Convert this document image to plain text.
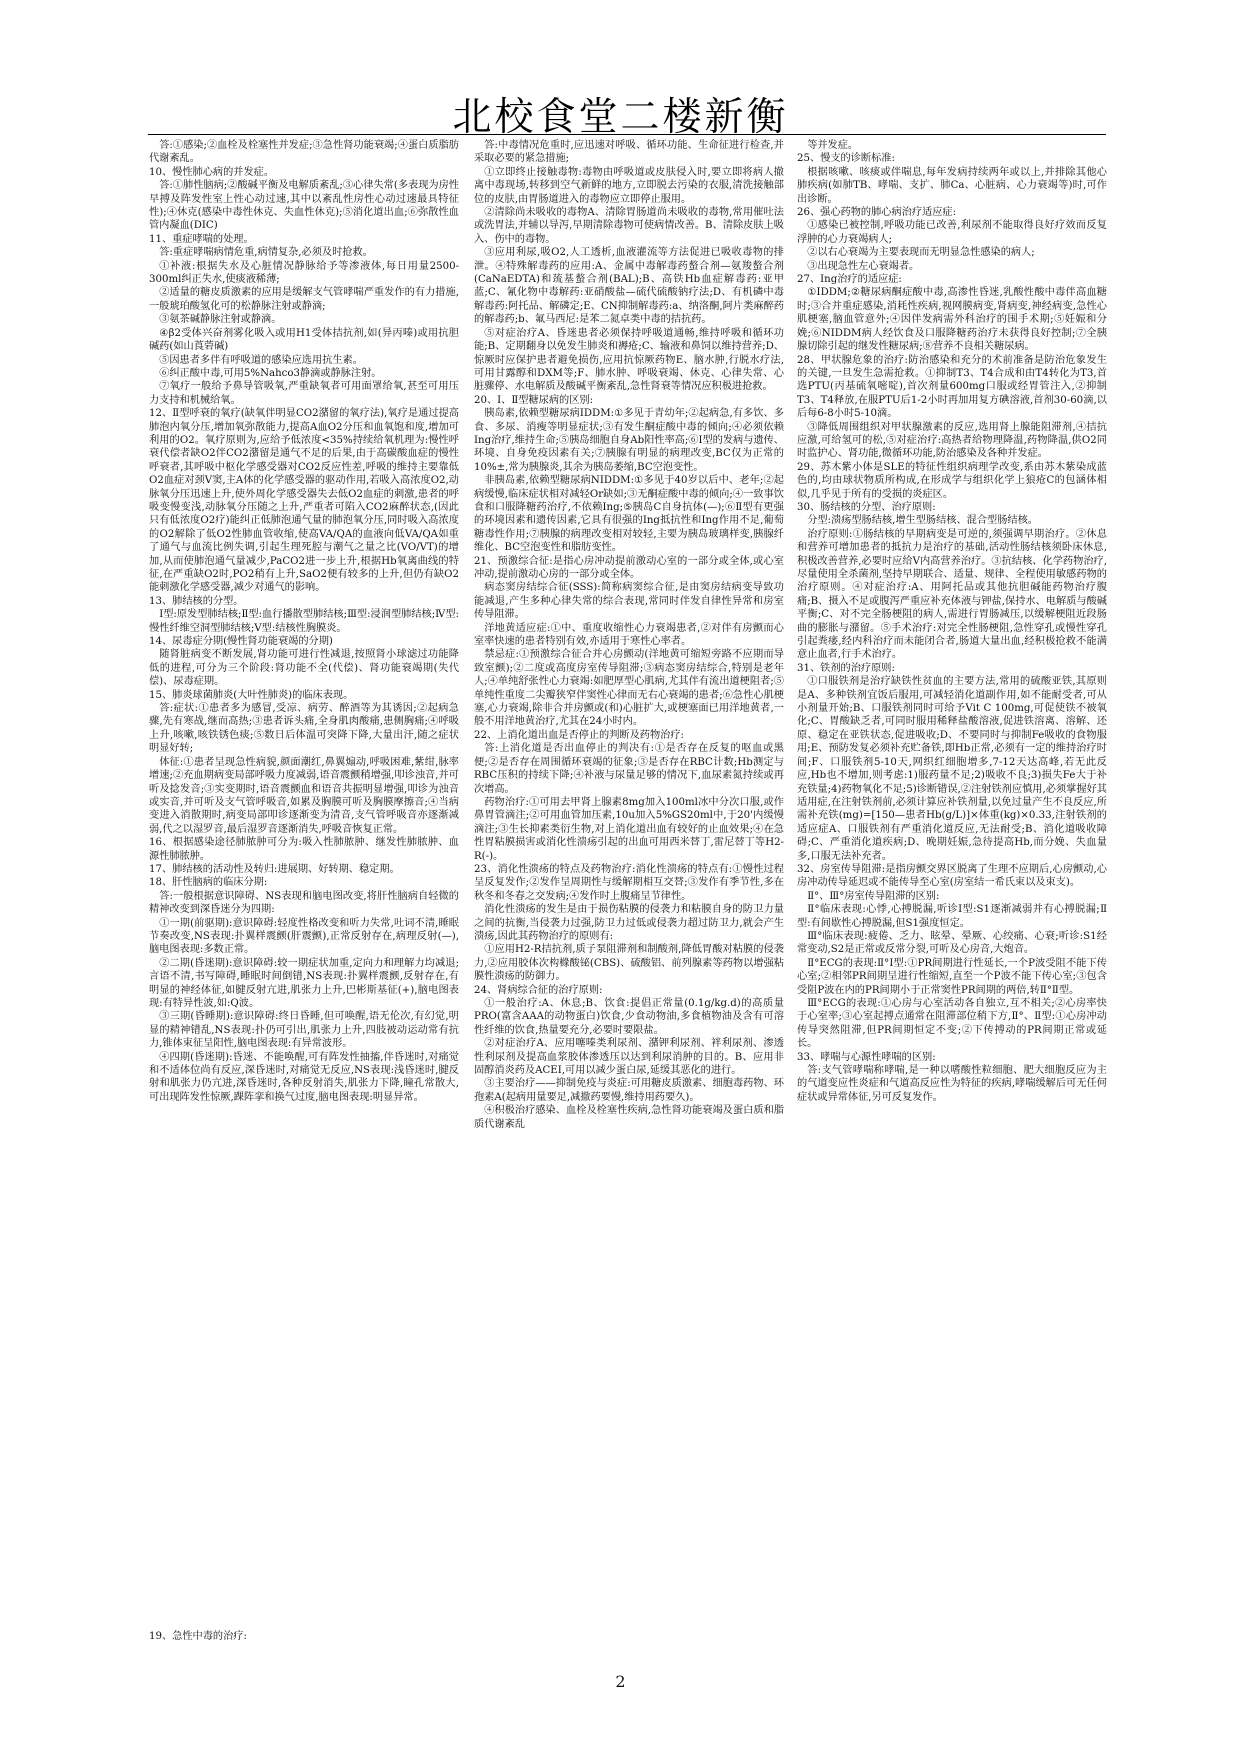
北校食堂二楼新衡

答:①感染;②血栓及栓塞性并发症;③急性肾功能衰竭;④蛋白质脂肪代谢紊乱。

10、慢性肺心病的并发症。

答:①肺性脑病;②酸碱平衡及电解质紊乱;③心律失常(多表现为房性早搏及阵发性室上性心动过速,其中以紊乱性房性心动过速最具特征性);④休克(感染中毒性休克、失血性休克);⑤消化道出血;⑥弥散性血管内凝血(DIC)

11、重症哮喘的处理。

答:重症哮喘病情危重,病情复杂,必须及时抢救。

①补液:根据失水及心脏情况静脉给予等渗液体,每日用量2500-300ml纠正失水,使痰液稀薄;

②适量的糖皮质激素的应用是缓解支气管哮喘严重发作的有力措施,一般琥珀酸氢化可的松静脉注射或静滴;

③氨茶碱静脉注射或静滴。

④β2受体兴奋剂雾化吸入或用H1受体拮抗剂,如(异丙嗪)或用抗胆碱药(如山莨菪碱)

⑤因患者多伴有呼吸道的感染应选用抗生素。

⑥纠正酸中毒,可用5%Nahco3静滴或静脉注射。

⑦氧疗一般给予鼻导管吸氧,严重缺氧者可用面罩给氧,甚至可用压力支持和机械给氧。

12、Ⅱ型呼衰的氧疗(缺氧伴明显CO2潴留的氧疗法),氧疗是通过提高肺泡内氧分压,增加氧弥散能力,提高A血O2分压和血氧饱和度,增加可利用的O2。氧疗原则为,应给予低浓度<35%持续给氧机理为:慢性呼衰代偿者缺O2伴CO2潴留是通气不足的后果,由于高碳酸血症的慢性呼衰者,其呼吸中枢化学感受器对CO2反应性差,呼吸的维持主要靠低O2血症对颈V窦,主A体的化学感受器的驱动作用,若吸入高浓度O2,动脉氧分压迅速上升,使外周化学感受器失去低O2血症的刺激,患者的呼吸变慢变浅,动脉氧分压随之上升,严重者可陷入CO2麻醉状态,(因此只有低浓度O2疗)能纠正低肺泡通气量的肺泡氧分压,同时吸入高浓度的O2解除了低O2性肺血管收缩,使高VA/QA的血液向低VA/QA如重了通气与血流比例失调,引起生理死腔与潮气之量之比(VO/VT)的增加,从而使肺泡通气量减少,PaCO2进一步上升,根据Hb氧离曲线的特征,在严重缺O2时,PO2稍有上升,SaO2便有较多的上升,但仍有缺O2能刺激化学感受器,减少对通气的影响。

13、肺结核的分型。

Ⅰ型:原发型肺结核;Ⅱ型:血行播散型肺结核;Ⅲ型:浸润型肺结核;Ⅳ型:慢性纤维空洞型肺结核;Ⅴ型:结核性胸膜炎。

14、尿毒症分期(慢性肾功能衰竭的分期)

随肾脏病变不断发展,肾功能可进行性减退,按照肾小球滤过功能降低的进程,可分为三个阶段:肾功能不全(代偿)、肾功能衰竭期(失代偿)、尿毒症期。

15、肺炎球菌肺炎(大叶性肺炎)的临床表现。

答:症状:①患者多为感冒,受凉、病劳、醉酒等为其诱因;②起病急骤,先有寒战,继而高热;③患者诉头痛,全身肌肉酸痛,患侧胸痛;④呼吸上升,咳嗽,咳铁锈色痰;⑤数日后体温可突降下降,大量出汗,随之症状明显好转;

体征:①患者呈现急性病貌,颜面潮红,鼻翼煽动,呼吸困难,紫绀,脉率增速;②充血期病变局部呼吸力度减弱,语音震颤稍增强,叩诊浊音,并可听及捻发音;③实变期时,语音震颤血和语音共振明显增强,叩诊为浊音或实音,并可听及支气管呼吸音,如累及胸膜可听及胸膜摩擦音;④当病变进入消散期时,病变局部叩诊逐渐变为清音,支气管呼吸音亦逐渐减弱,代之以湿罗音,最后湿罗音逐渐消失,呼吸音恢复正常。

16、根据感染途径肺脓肿可分为:吸入性肺脓肿、继发性肺脓肿、血源性肺脓肿。

17、肺结核的活动性及转归:进展期、好转期、稳定期。

18、肝性脑病的临床分期:

答:一般根据意识障碍、NS表现和脑电图改变,将肝性脑病自轻微的精神改变到深昏迷分为四期:

①一期(前驱期):意识障碍:轻度性格改变和听力失常,吐词不清,睡眠节奏改变,NS表现:扑翼样震颤(肝震颤),正常反射存在,病理反射(—),脑电图表现:多数正常。

②二期(昏迷期):意识障碍:较一期症状加重,定向力和理解力均减退;言语不清,书写障碍,睡眠时间倒错,NS表现:扑翼样震颤,反射存在,有明显的神经体征,如腱反射亢进,肌张力上升,巴彬斯基征(+),脑电图表现:有特异性波,如:Q波。

③三期(昏睡期):意识障碍:终日昏睡,但可唤醒,语无伦次,有幻觉,明显的精神错乱,NS表现:扑仍可引出,肌张力上升,四肢被动运动常有抗力,锥体束征呈阳性,脑电图表现:有异常波形。

④四期(昏迷期):昏迷、不能唤醒,可有阵发性抽搐,伴昏迷时,对痛觉和不适体位尚有反应,深昏迷时,对痛觉无反应,NS表现:浅昏迷时,腱反射和肌张力仍亢进,深昏迷时,各种反射消失,肌张力下降,瞳孔常散大,可出现阵发性惊厥,踝阵挛和换气过度,脑电图表现:明显异常。

答:中毒情况危重时,应迅速对呼吸、循环功能、生命征进行检查,并采取必要的紧急措施;

①立即终止接触毒物:毒物由呼吸道或皮肤侵入时,要立即将病人撤离中毒现场,转移到空气新鲜的地方,立即脱去污染的衣服,清洗接触部位的皮肤,由胃肠道进入的毒物应立即停止服用。

②清除尚未吸收的毒物A、清除胃肠道尚未吸收的毒物,常用催吐法或洗胃法,并辅以导泻,早期清除毒物可使病情改善。B、清除皮肤上吸入、伤中的毒物。

③应用利尿,吸O2,人工透析,血液灌流等方法促进已吸收毒物的排泄。④特殊解毒药的应用:A、金属中毒解毒药螯合剂—氨羧螯合剂(CaNaEDTA)和巯基螯合剂(BAL);B、高铁Hb血症解毒药:亚甲蓝;C、氰化物中毒解药:亚硝酸盐—硫代硫酸钠疗法;D、有机磷中毒解毒药:阿托品、解磷定;E、CN抑制解毒药:a、纳洛酮,阿片类麻醉药的解毒药;b、氟马西尼:是苯二氮卓类中毒的拮抗药。

⑤对症治疗A、昏迷患者必须保持呼吸道通畅,维持呼吸和循环功能;B、定期翻身以免发生肺炎和褥疮;C、输液和鼻饲以维持营养;D、惊厥时应保护患者避免损伤,应用抗惊厥药物E、脑水肿,行脱水疗法,可用甘露醇和DXM等;F、肺水肿、呼吸衰竭、休克、心律失常、心脏骤停、水电解质及酸碱平衡紊乱,急性肾衰等情况应积极进抢救。

20、Ⅰ、Ⅱ型糖尿病的区别:

胰岛素,依赖型糖尿病IDDM:①多见于青幼年;②起病急,有多饮、多食、多尿、消瘦等明显症状;③有发生酮症酸中毒的倾向;④必须依赖Ing治疗,维持生命;⑤胰岛细胞自身Ab阳性率高;⑥Ⅰ型的发病与遗传、环境、自身免疫因素有关;⑦胰腺有明显的病理改变,BC仅为正常的10%±,常为胰腺炎,其余为胰岛萎缩,BC空泡变性。

非胰岛素,依赖型糖尿病NIDDM:①多见于40岁以后中、老年;②起病缓慢,临床症状相对减轻Or缺如;③无酮症酸中毒的倾向;④一致事饮食和口服降糖药治疗,不依赖Ing;⑤胰岛C自身抗体(—);⑥Ⅱ型有更强的环境因素和遗传因素,它具有很强的Ing抵抗性和Ing作用不足,葡萄糖毒性作用;⑦胰腺的病理改变相对较轻,主要为胰岛玻璃样变,胰腺纤维化、BC空泡变性和脂肪变性。

21、预激综合征:是指心房冲动提前激动心室的一部分或全体,或心室冲动,提前激动心房的一部分或全体。

病态窦房结综合征(SSS):简称病窦综合征,是由窦房结病变导致功能减退,产生多种心律失常的综合表现,常同时伴发自律性异常和房室传导阻滞。

洋地黄适应症:①中、重度收缩性心力衰竭患者,②对伴有房颤而心室率快速的患者特别有效,亦适用于寒性心率者。

禁忌症:①预激综合征合并心房颤动(洋地黄可缩短旁路不应期而导致室颤);②二度或高度房室传导阻滞;③病态窦房结综合,特别是老年人;④单纯舒张性心力衰竭:如肥厚型心肌病,尤其伴有流出道梗阻者;⑤单纯性重度二尖瓣狭窄伴窦性心律而无右心衰竭的患者;⑥急性心肌梗塞,心力衰竭,除非合并房颤或(和)心脏扩大,或梗塞面已用洋地黄者,一般不用洋地黄治疗,尤其在24小时内。

22、上消化道出血是否停止的判断及药物治疗:

答:上消化道是否出血停止的判决有:①是否存在反复的呕血或黑便;②是否存在周围循环衰竭的征象;③是否存在RBC计数;Hb测定与RBC压积的持续下降;④补液与尿量足够的情况下,血尿素氮持续或再次增高。

药物治疗:①可用去甲肾上腺素8mg加入100ml冰中分次口服,或作鼻胃管滴注;②可用血管加压素,10u加入5%GS20ml中,于20'内缓慢滴注;③生长抑素类衍生物,对上消化道出血有较好的止血效果;④在急性胃粘膜损害或消化性溃疡引起的出血可用西米替丁,雷尼替丁等H2-R(-)。

23、消化性溃疡的特点及药物治疗:消化性溃疡的特点有:①慢性过程呈反复发作;②发作呈周期性与缓解期相互交替;③发作有季节性,多在秋冬和冬春之交发病;④发作时上腹痛呈节律性。

消化性溃疡的发生是由于损伤粘膜的侵袭力和粘膜自身的防卫力量之间的抗衡,当侵袭力过强,防卫力过低或侵袭力超过防卫力,就会产生溃疡,因此其药物治疗的原则有:

①应用H2-R拮抗剂,质子泵阻滞剂和制酸剂,降低胃酸对粘膜的侵袭力,②应用胶体次构橼酸铋(CBS)、硫酸铝、前列腺素等药物以增强粘膜性溃疡的防御力。

24、肾病综合征的治疗原则:

①一般治疗:A、休息;B、饮食:提倡正常量(0.1g/kg.d)的高质量PRO(富含AAA的动物蛋白)饮食,少食动物油,多食植物油及含有可溶性纤维的饮食,热量要充分,必要时要限盐。

②对症治疗A、应用噻嗪类利尿剂、潴钾利尿剂、袢利尿剂、渗透性利尿剂及提高血浆胶体渗透压以达到利尿消肿的目的。B、应用非固醇消炎药及ACEI,可用以减少蛋白尿,延缓其恶化的进行。

③主要治疗——抑制免疫与炎症:可用糖皮质激素、细胞毒药物、环孢素A(起病用量要足,减撤药要慢,维持用药要久)。

④积极治疗感染、血栓及栓塞性疾病,急性肾功能衰竭及蛋白质和脂质代谢紊乱

等并发症。

25、慢支的诊断标准:

根据咳嗽、咳痰或伴喘息,每年发病持续两年或以上,并排除其他心肺疾病(如肺TB、哮喘、支扩、肺Ca、心脏病、心力衰竭等)时,可作出诊断。

26、强心药物的肺心病治疗适应症:

①感染已被控制,呼吸功能已改善,利尿剂不能取得良好疗效而反复浮肿的心力衰竭病人;

②以右心衰竭为主要表现而无明显急性感染的病人;

③出现急性左心衰竭者。

27、Ing治疗的适应症:

①IDDM;②糖尿病酮症酸中毒,高渗性昏迷,乳酸性酸中毒伴高血糖时;③合并重症感染,消耗性疾病,视网膜病变,肾病变,神经病变,急性心肌梗塞,脑血管意外;④因伴发病需外科治疗的围手术期;⑤妊娠和分娩;⑥NIDDM病人经饮食及口服降糖药治疗未获得良好控制;⑦全胰腺切除引起的继发性糖尿病;⑧营养不良相关糖尿病。

28、甲状腺危象的治疗:防治感染和充分的术前准备是防治危象发生的关键,一旦发生急需抢救。①抑制T3、T4合成和由T4转化为T3,首选PTU(丙基硫氧嘧啶),首次剂量600mg口服或经胃管注入,②抑制T3、T4释放,在服PTU后1-2小时再加用复方碘溶液,首剂30-60滴,以后每6-8小时5-10滴。

③降低周围组织对甲状腺激素的反应,选用肾上腺能阻滞剂,④拮抗应激,可给氢可的松,⑤对症治疗:高热者给物理降温,药物降温,供O2同时监护心、肾功能,微循环功能,防治感染及各种并发症。

29、苏木紫小体是SLE的特征性组织病理学改变,系由苏木紫染成蓝色的,均由球状物质所构成,在形成学与组织化学上狼疮C的包涵体相似,几乎见于所有的受损的炎症区。

30、肠结核的分型、治疗原则:

分型:溃疡型肠结核,增生型肠结核、混合型肠结核。

治疗原则:①肠结核的早期病变是可逆的,须强调早期治疗。②休息和营养可增加患者的抵抗力是治疗的基础,活动性肠结核须卧床休息,积极改善营养,必要时应给V内高营养治疗。③抗结核、化学药物治疗,尽量使用全杀菌剂,坚持早期联合、适量、规律、全程使用敏感药物的治疗原则。④对症治疗:A、用阿托品或其他抗胆碱能药物治疗腹痛;B、摄入不足或腹泻严重应补充体液与钾盐,保持水、电解质与酸碱平衡;C、对不完全肠梗阻的病人,需进行胃肠减压,以缓解梗阻近段肠曲的膨胀与潴留。⑤手术治疗:对完全性肠梗阻,急性穿孔或慢性穿孔引起粪瘘,经内科治疗而未能闭合者,肠道大量出血,经积极抢救不能满意止血者,行手术治疗。

31、铁剂的治疗原则:

①口服铁剂是治疗缺铁性贫血的主要方法,常用的硫酸亚铁,其原则是A、多种铁剂宜饭后服用,可减轻消化道副作用,如不能耐受者,可从小剂量开始;B、口服铁剂同时可给予Vit C 100mg,可促使铁不被氧化;C、胃酸缺乏者,可同时服用稀释盐酸溶液,促进铁溶离、溶解、还原、稳定在亚铁状态,促进吸收;D、不要同时与抑制Fe吸收的食物服用;E、预防发复必须补充贮备铁,即Hb正常,必须有一定的维持治疗时间;F、口服铁剂5-10天,网织红细胞增多,7-12天达高峰,若无此反应,Hb也不增加,则考虑:1)服药量不足;2)吸收不良;3)损失Fe大于补充铁量;4)药物氧化不足;5)诊断错误,②注射铁剂应慎用,必须掌握好其适用症,在注射铁剂前,必须计算应补铁剂量,以免过量产生不良反应,所需补充铁(mg)=[150—患者Hb(g/L)]×体重(kg)×0.33,注射铁剂的适应症A、口服铁剂有严重消化道反应,无法耐受;B、消化道吸收障碍;C、严重消化道疾病;D、晚期妊娠,急待提高Hb,而分娩、失血量多,口服无法补充者。

32、房室传导阻滞:是指房颤交界区脱离了生理不应期后,心房颤动,心房冲动传导延迟或不能传导至心室(房室结一希氏束以及束支)。

Ⅱ°、Ⅲ°房室传导阻滞的区别:

Ⅱ°临床表现:心悸,心搏脱漏,听诊Ⅰ型:S1逐渐减弱并有心搏脱漏;Ⅱ型:有间歇性心搏脱漏,但S1强度恒定。

Ⅲ°临床表现:疲倦、乏力、眩晕、晕厥、心绞痛、心衰;听诊:S1经常变动,S2是正常或反常分裂,可听及心房音,大炮音。

Ⅱ°ECG的表现:Ⅱ°Ⅰ型:①PR间期进行性延长,一个P波受阻不能下传心室;②相邻PR间期呈进行性缩短,直至一个P波不能下传心室;③包含受阻P波在内的PR间期小于正常窦性PR间期的两倍,转Ⅱ°Ⅱ型。

Ⅲ°ECG的表现:①心房与心室活动各自独立,互不相关;②心房率快于心室率;③心室起搏点通常在阻滞部位稍下方,Ⅱ°、Ⅱ型:①心房冲动传导突然阻滞,但PR间期恒定不变;②下传搏动的PR间期正常或延长。

33、哮喘与心源性哮喘的区别:

答:支气管哮喘称哮喘,是一种以嗜酸性粒细胞、肥大细胞反应为主的气道变应性炎症和气道高反应性为特征的疾病,哮喘缓解后可无任何症状或异常体征,另可反复发作。

19、急性中毒的治疗:

2
